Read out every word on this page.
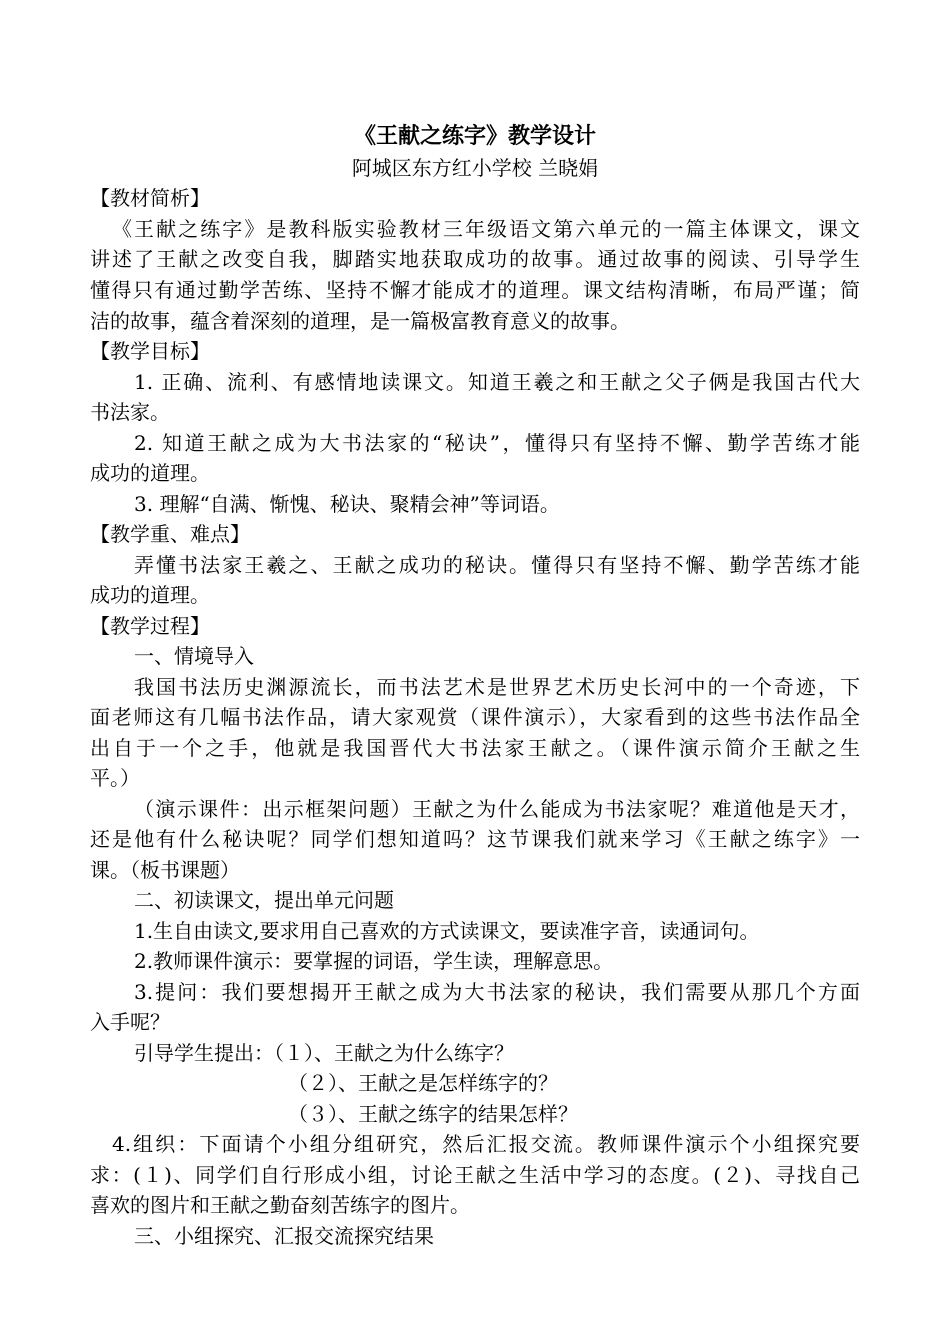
《王献之练字》教学设计
阿城区东方红小学校 兰晓娟
【教材简析】
《王献之练字》是教科版实验教材三年级语文第六单元的一篇主体课文，课文
讲述了王献之改变自我，脚踏实地获取成功的故事。通过故事的阅读、引导学生
懂得只有通过勤学苦练、坚持不懈才能成才的道理。课文结构清晰，布局严谨；简
洁的故事，蕴含着深刻的道理，是一篇极富教育意义的故事。
【教学目标】
1. 正确、流利、有感情地读课文。知道王羲之和王献之父子俩是我国古代大
书法家。
2. 知道王献之成为大书法家的“秘诀”，懂得只有坚持不懈、勤学苦练才能
成功的道理。
3. 理解“自满、惭愧、秘诀、聚精会神”等词语。
【教学重、难点】
弄懂书法家王羲之、王献之成功的秘诀。懂得只有坚持不懈、勤学苦练才能
成功的道理。
【教学过程】
一、情境导入
我国书法历史渊源流长，而书法艺术是世界艺术历史长河中的一个奇迹，下
面老师这有几幅书法作品，请大家观赏（课件演示），大家看到的这些书法作品全
出自于一个之手，他就是我国晋代大书法家王献之。（课件演示简介王献之生
平。）
（演示课件：出示框架问题）王献之为什么能成为书法家呢？难道他是天才，
还是他有什么秘诀呢？同学们想知道吗？这节课我们就来学习《王献之练字》一
课。（板书课题）
二、初读课文，提出单元问题
1.生自由读文,要求用自己喜欢的方式读课文，要读准字音，读通词句。
2.教师课件演示：要掌握的词语，学生读，理解意思。
3.提问：我们要想揭开王献之成为大书法家的秘诀，我们需要从那几个方面
入手呢？
引导学生提出：（１）、王献之为什么练字？
（２）、王献之是怎样练字的？
（３）、王献之练字的结果怎样？
4.组织：下面请个小组分组研究，然后汇报交流。教师课件演示个小组探究要
求：(１)、同学们自行形成小组，讨论王献之生活中学习的态度。(２)、寻找自己
喜欢的图片和王献之勤奋刻苦练字的图片。
三、小组探究、汇报交流探究结果
